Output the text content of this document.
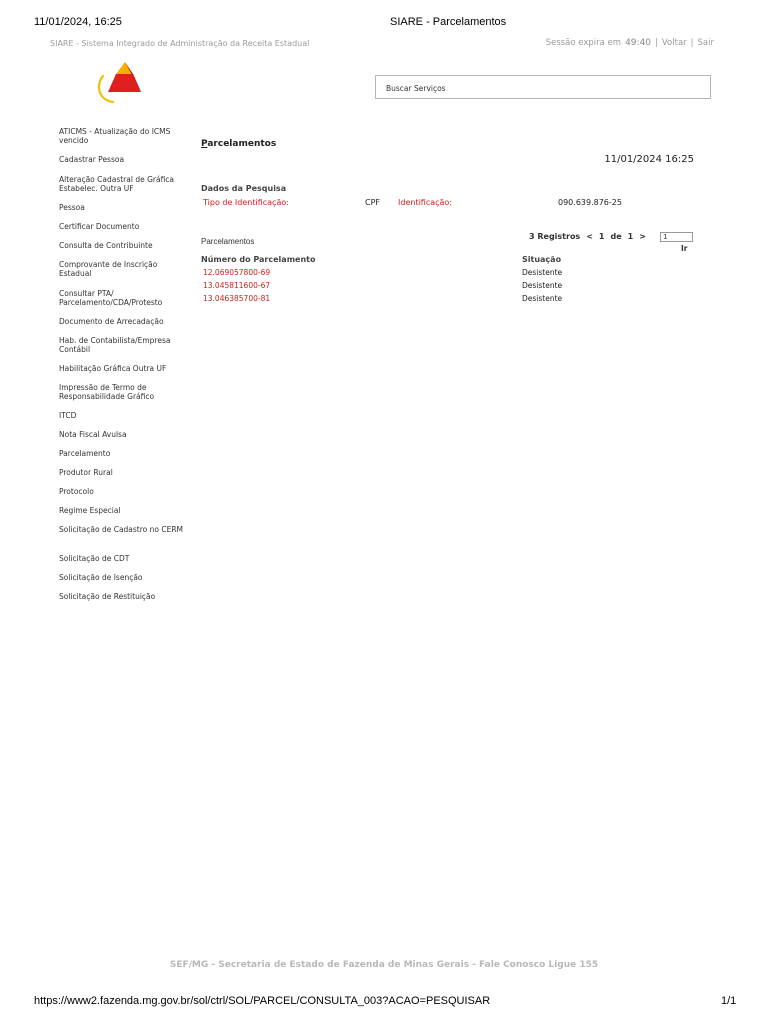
11/01/2024, 16:25	SIARE - Parcelamentos
SIARE - Sistema Integrado de Administração da Receita Estadual	Sessão expira em 49:40 | Voltar | Sair
Buscar Serviços
ATICMS - Atualização do ICMS vencido
Cadastrar Pessoa
Alteração Cadastral de Gráfica Estabelec. Outra UF
Pessoa
Certificar Documento
Consulta de Contribuinte
Comprovante de Inscrição Estadual
Consultar PTA/ Parcelamento/CDA/Protesto
Documento de Arrecadação
Hab. de Contabilista/Empresa Contábil
Habilitação Gráfica Outra UF
Impressão de Termo de Responsabilidade Gráfico
ITCD
Nota Fiscal Avulsa
Parcelamento
Produtor Rural
Protocolo
Regime Especial
Solicitação de Cadastro no CERM
Solicitação de CDT
Solicitação de Isenção
Solicitação de Restituição
Parcelamentos
11/01/2024 16:25
Dados da Pesquisa
Tipo de Identificação:	CPF Identificação:	090.639.876-25
Parcelamentos
3 Registros < 1 de 1 >	1
Ir
Número do Parcelamento	Situação
12.069057800-69	Desistente
13.045811600-67	Desistente
13.046385700-81	Desistente
SEF/MG - Secretaria de Estado de Fazenda de Minas Gerais - Fale Conosco Ligue 155
https://www2.fazenda.mg.gov.br/sol/ctrl/SOL/PARCEL/CONSULTA_003?ACAO=PESQUISAR	1/1
